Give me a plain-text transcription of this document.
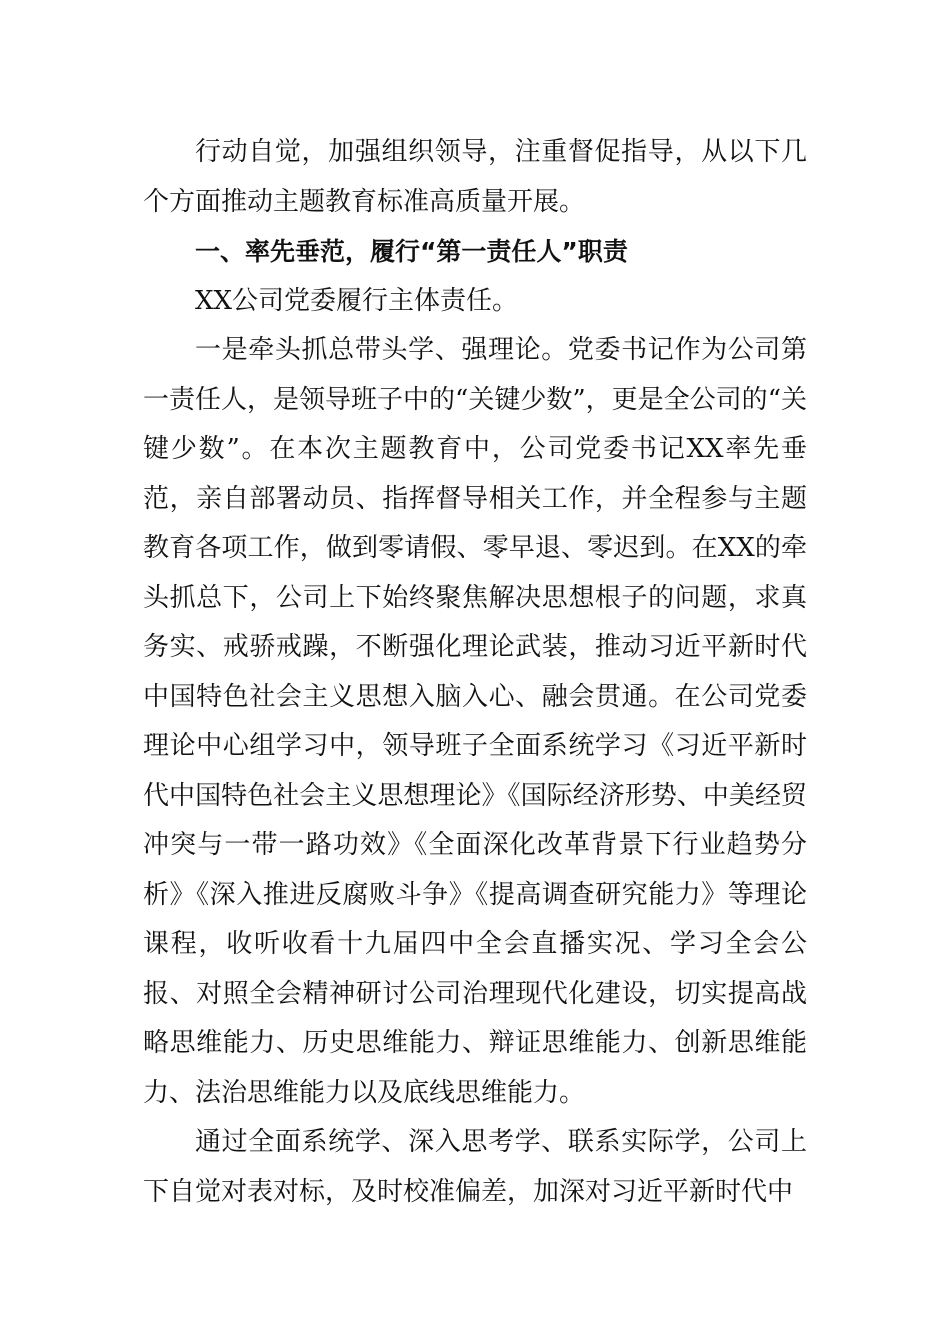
行动自觉，加强组织领导，注重督促指导，从以下几个方面推动主题教育标准高质量开展。

一、率先垂范，履行“第一责任人”职责

XX公司党委履行主体责任。

一是牵头抓总带头学、强理论。党委书记作为公司第一责任人，是领导班子中的“关键少数”，更是全公司的“关键少数”。在本次主题教育中，公司党委书记XX率先垂范，亲自部署动员、指挥督导相关工作，并全程参与主题教育各项工作，做到零请假、零早退、零迟到。在XX的牵头抓总下，公司上下始终聚焦解决思想根子的问题，求真务实、戒骄戒躁，不断强化理论武装，推动习近平新时代中国特色社会主义思想入脑入心、融会贯通。在公司党委理论中心组学习中，领导班子全面系统学习《习近平新时代中国特色社会主义思想理论》《国际经济形势、中美经贸冲突与一带一路功效》《全面深化改革背景下行业趋势分析》《深入推进反腐败斗争》《提高调查研究能力》等理论课程，收听收看十九届四中全会直播实况、学习全会公报、对照全会精神研讨公司治理现代化建设，切实提高战略思维能力、历史思维能力、辩证思维能力、创新思维能力、法治思维能力以及底线思维能力。

通过全面系统学、深入思考学、联系实际学，公司上下自觉对表对标，及时校准偏差，加深对习近平新时代中
